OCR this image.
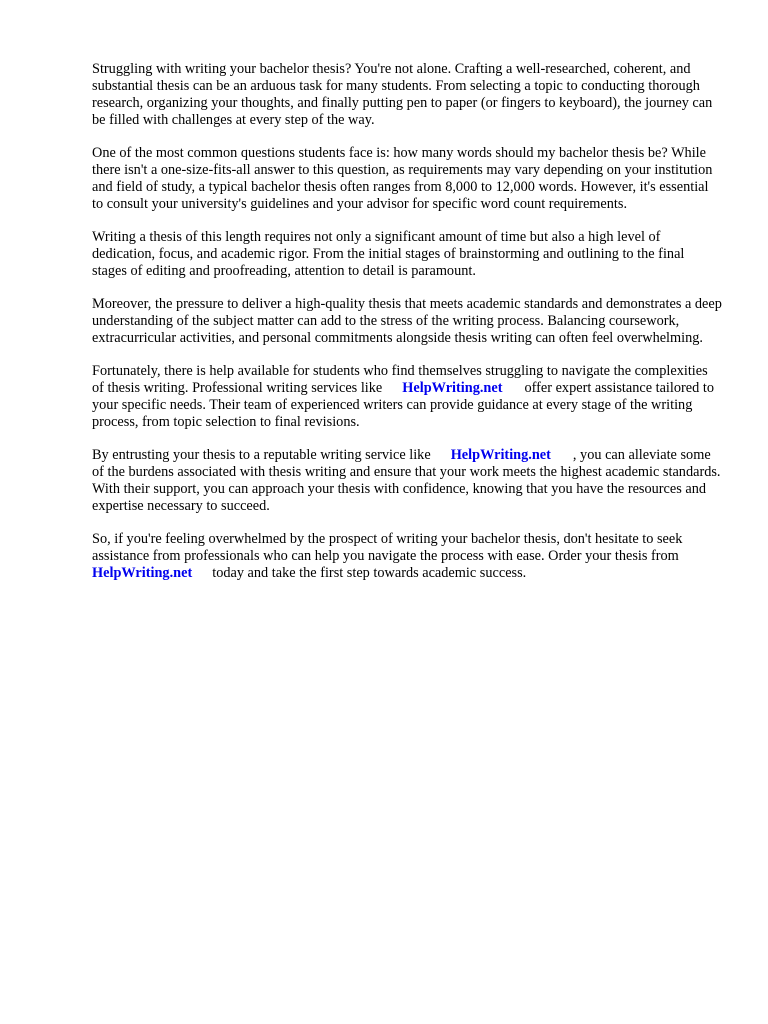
Struggling with writing your bachelor thesis? You're not alone. Crafting a well-researched, coherent, and substantial thesis can be an arduous task for many students. From selecting a topic to conducting thorough research, organizing your thoughts, and finally putting pen to paper (or fingers to keyboard), the journey can be filled with challenges at every step of the way.

One of the most common questions students face is: how many words should my bachelor thesis be? While there isn't a one-size-fits-all answer to this question, as requirements may vary depending on your institution and field of study, a typical bachelor thesis often ranges from 8,000 to 12,000 words. However, it's essential to consult your university's guidelines and your advisor for specific word count requirements.

Writing a thesis of this length requires not only a significant amount of time but also a high level of dedication, focus, and academic rigor. From the initial stages of brainstorming and outlining to the final stages of editing and proofreading, attention to detail is paramount.

Moreover, the pressure to deliver a high-quality thesis that meets academic standards and demonstrates a deep understanding of the subject matter can add to the stress of the writing process. Balancing coursework, extracurricular activities, and personal commitments alongside thesis writing can often feel overwhelming.

Fortunately, there is help available for students who find themselves struggling to navigate the complexities of thesis writing. Professional writing services like HelpWriting.net offer expert assistance tailored to your specific needs. Their team of experienced writers can provide guidance at every stage of the writing process, from topic selection to final revisions.

By entrusting your thesis to a reputable writing service like HelpWriting.net , you can alleviate some of the burdens associated with thesis writing and ensure that your work meets the highest academic standards. With their support, you can approach your thesis with confidence, knowing that you have the resources and expertise necessary to succeed.

So, if you're feeling overwhelmed by the prospect of writing your bachelor thesis, don't hesitate to seek assistance from professionals who can help you navigate the process with ease. Order your thesis fromHelpWriting.net today and take the first step towards academic success.
